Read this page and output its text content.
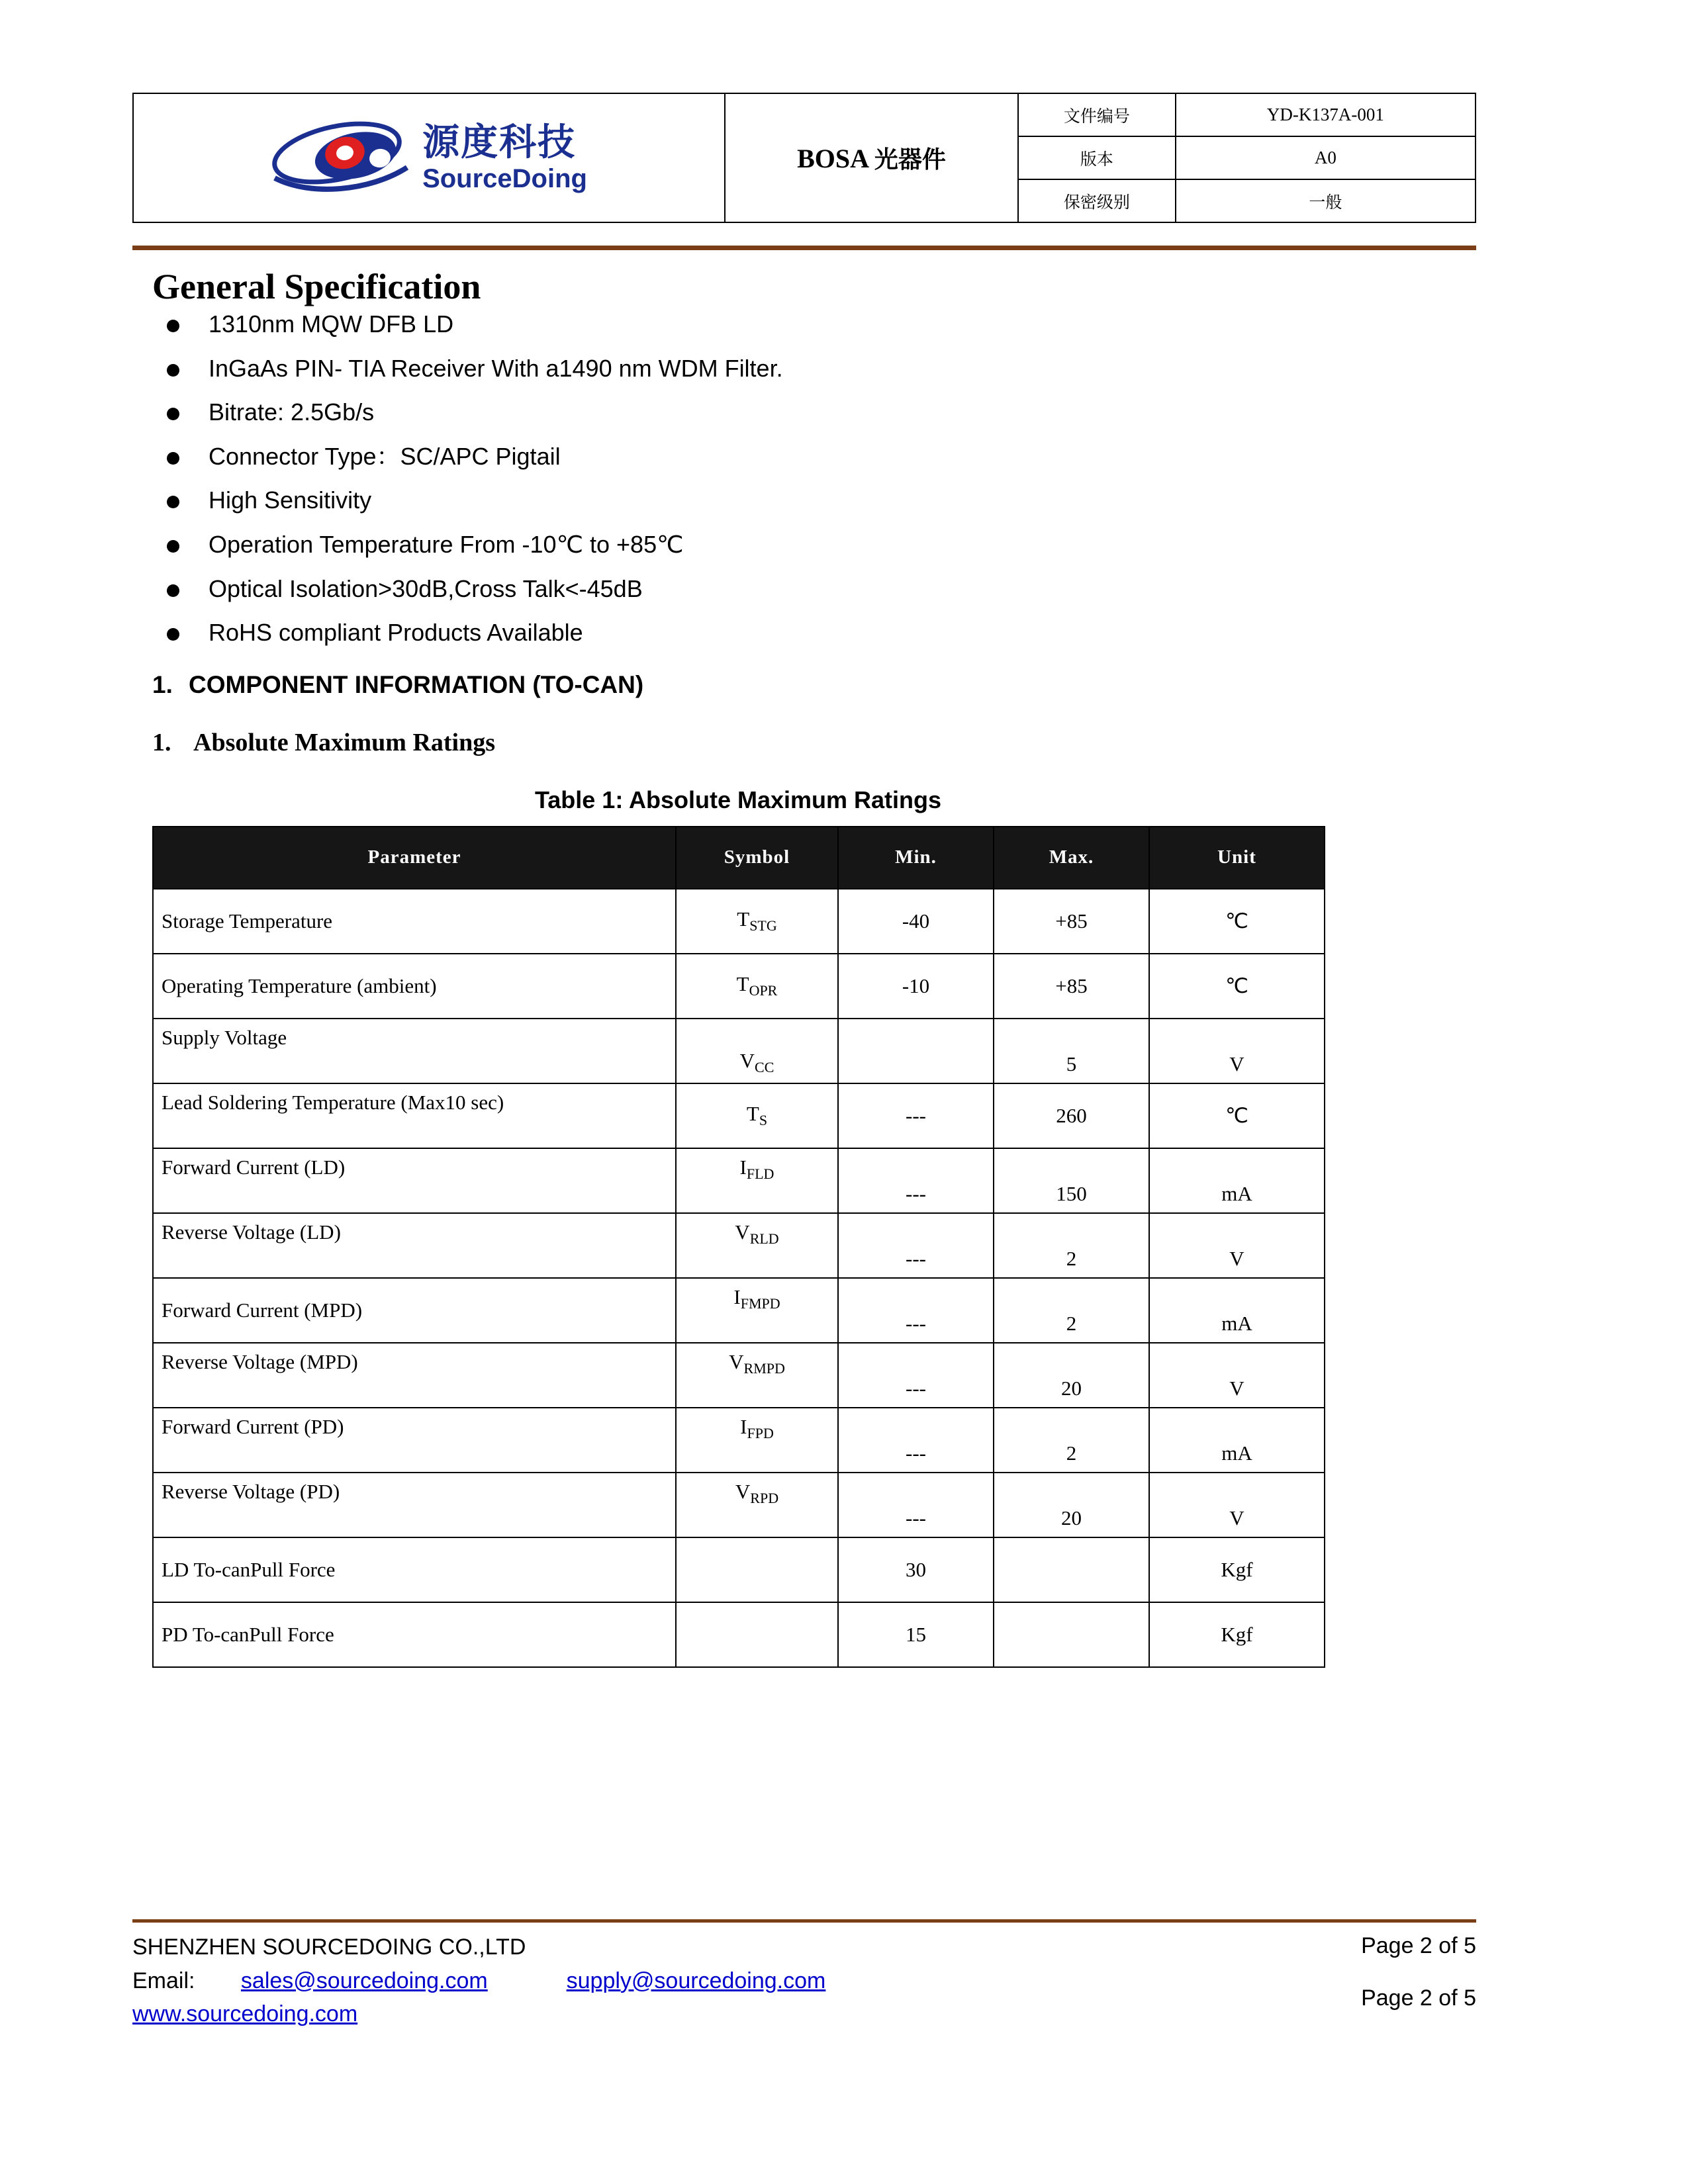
源度科技
SourceDoing	BOSA 光器件	文件编号	YD-K137A-001
		版本	A0
		保密级别	一般
General Specification
1310nm MQW DFB LD
InGaAs PIN- TIA Receiver With a1490 nm WDM Filter.
Bitrate: 2.5Gb/s
Connector Type：SC/APC Pigtail
High Sensitivity
Operation Temperature From -10℃ to +85℃
Optical Isolation>30dB,Cross Talk<-45dB
RoHS compliant Products Available
1. COMPONENT INFORMATION (TO-CAN)
1. Absolute Maximum Ratings
Table 1: Absolute Maximum Ratings
Parameter	Symbol	Min.	Max.	Unit
Storage Temperature	$T_{STG}$	-40	+85	℃
Operating Temperature (ambient)	$T_{OPR}$	-10	+85	℃
Supply Voltage	$V_{CC}$		5	V
Lead Soldering Temperature (Max10 sec)	$T_S$	---	260	℃
Forward Current (LD)	$I_{FLD}$	---	150	mA
Reverse Voltage (LD)	$V_{RLD}$	---	2	V
Forward Current (MPD)	$I_{FMPD}$	---	2	mA
Reverse Voltage (MPD)	$V_{RMPD}$	---	20	V
Forward Current (PD)	$I_{FPD}$	---	2	mA
Reverse Voltage (PD)	$V_{RPD}$	---	20	V
LD To-canPull Force		30		Kgf
PD To-canPull Force		15		Kgf
SHENZHEN SOURCEDOING CO.,LTD
Email: sales@sourcedoing.com	supply@sourcedoing.com
www.sourcedoing.com
Page 2 of 5
Page 2 of 5
